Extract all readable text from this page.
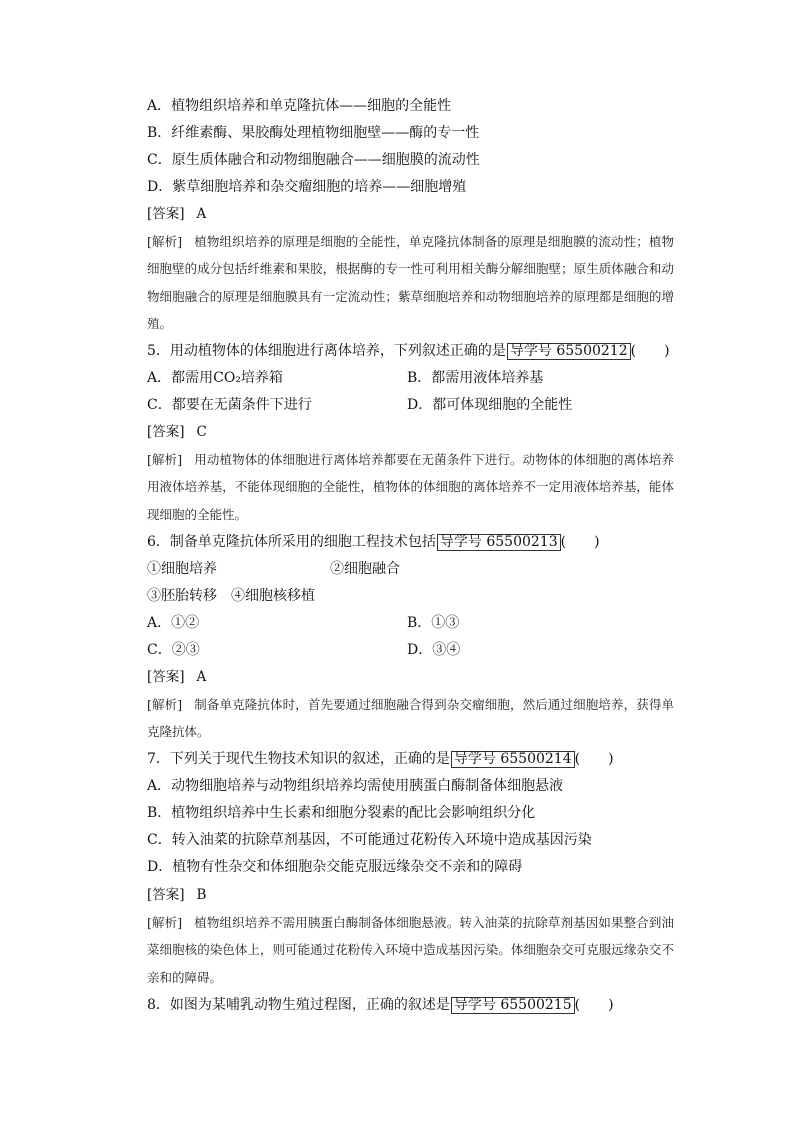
A．植物组织培养和单克隆抗体——细胞的全能性
B．纤维素酶、果胶酶处理植物细胞壁——酶的专一性
C．原生质体融合和动物细胞融合——细胞膜的流动性
D．紫草细胞培养和杂交瘤细胞的培养——细胞增殖
[答案] A
[解析] 植物组织培养的原理是细胞的全能性，单克隆抗体制备的原理是细胞膜的流动性；植物细胞壁的成分包括纤维素和果胶，根据酶的专一性可利用相关酶分解细胞壁；原生质体融合和动物细胞融合的原理是细胞膜具有一定流动性；紫草细胞培养和动物细胞培养的原理都是细胞的增殖。
5．用动植物体的体细胞进行离体培养，下列叙述正确的是 导学号 65500212 (　　)
A．都需用CO₂培养箱	B．都需用液体培养基
C．都要在无菌条件下进行	D．都可体现细胞的全能性
[答案] C
[解析] 用动植物体的体细胞进行离体培养都要在无菌条件下进行。动物体的体细胞的离体培养用液体培养基，不能体现细胞的全能性，植物体的体细胞的离体培养不一定用液体培养基，能体现细胞的全能性。
6．制备单克隆抗体所采用的细胞工程技术包括 导学号 65500213 (　　)
①细胞培养	②细胞融合
③胚胎转移　④细胞核移植
A．①②	B．①③
C．②③	D．③④
[答案] A
[解析] 制备单克隆抗体时，首先要通过细胞融合得到杂交瘤细胞，然后通过细胞培养，获得单克隆抗体。
7．下列关于现代生物技术知识的叙述，正确的是 导学号 65500214 (　　)
A．动物细胞培养与动物组织培养均需使用胰蛋白酶制备体细胞悬液
B．植物组织培养中生长素和细胞分裂素的配比会影响组织分化
C．转入油菜的抗除草剂基因，不可能通过花粉传入环境中造成基因污染
D．植物有性杂交和体细胞杂交能克服远缘杂交不亲和的障碍
[答案] B
[解析] 植物组织培养不需用胰蛋白酶制备体细胞悬液。转入油菜的抗除草剂基因如果整合到油菜细胞核的染色体上，则可能通过花粉传入环境中造成基因污染。体细胞杂交可克服远缘杂交不亲和的障碍。
8．如图为某哺乳动物生殖过程图，正确的叙述是 导学号 65500215 (　　)
